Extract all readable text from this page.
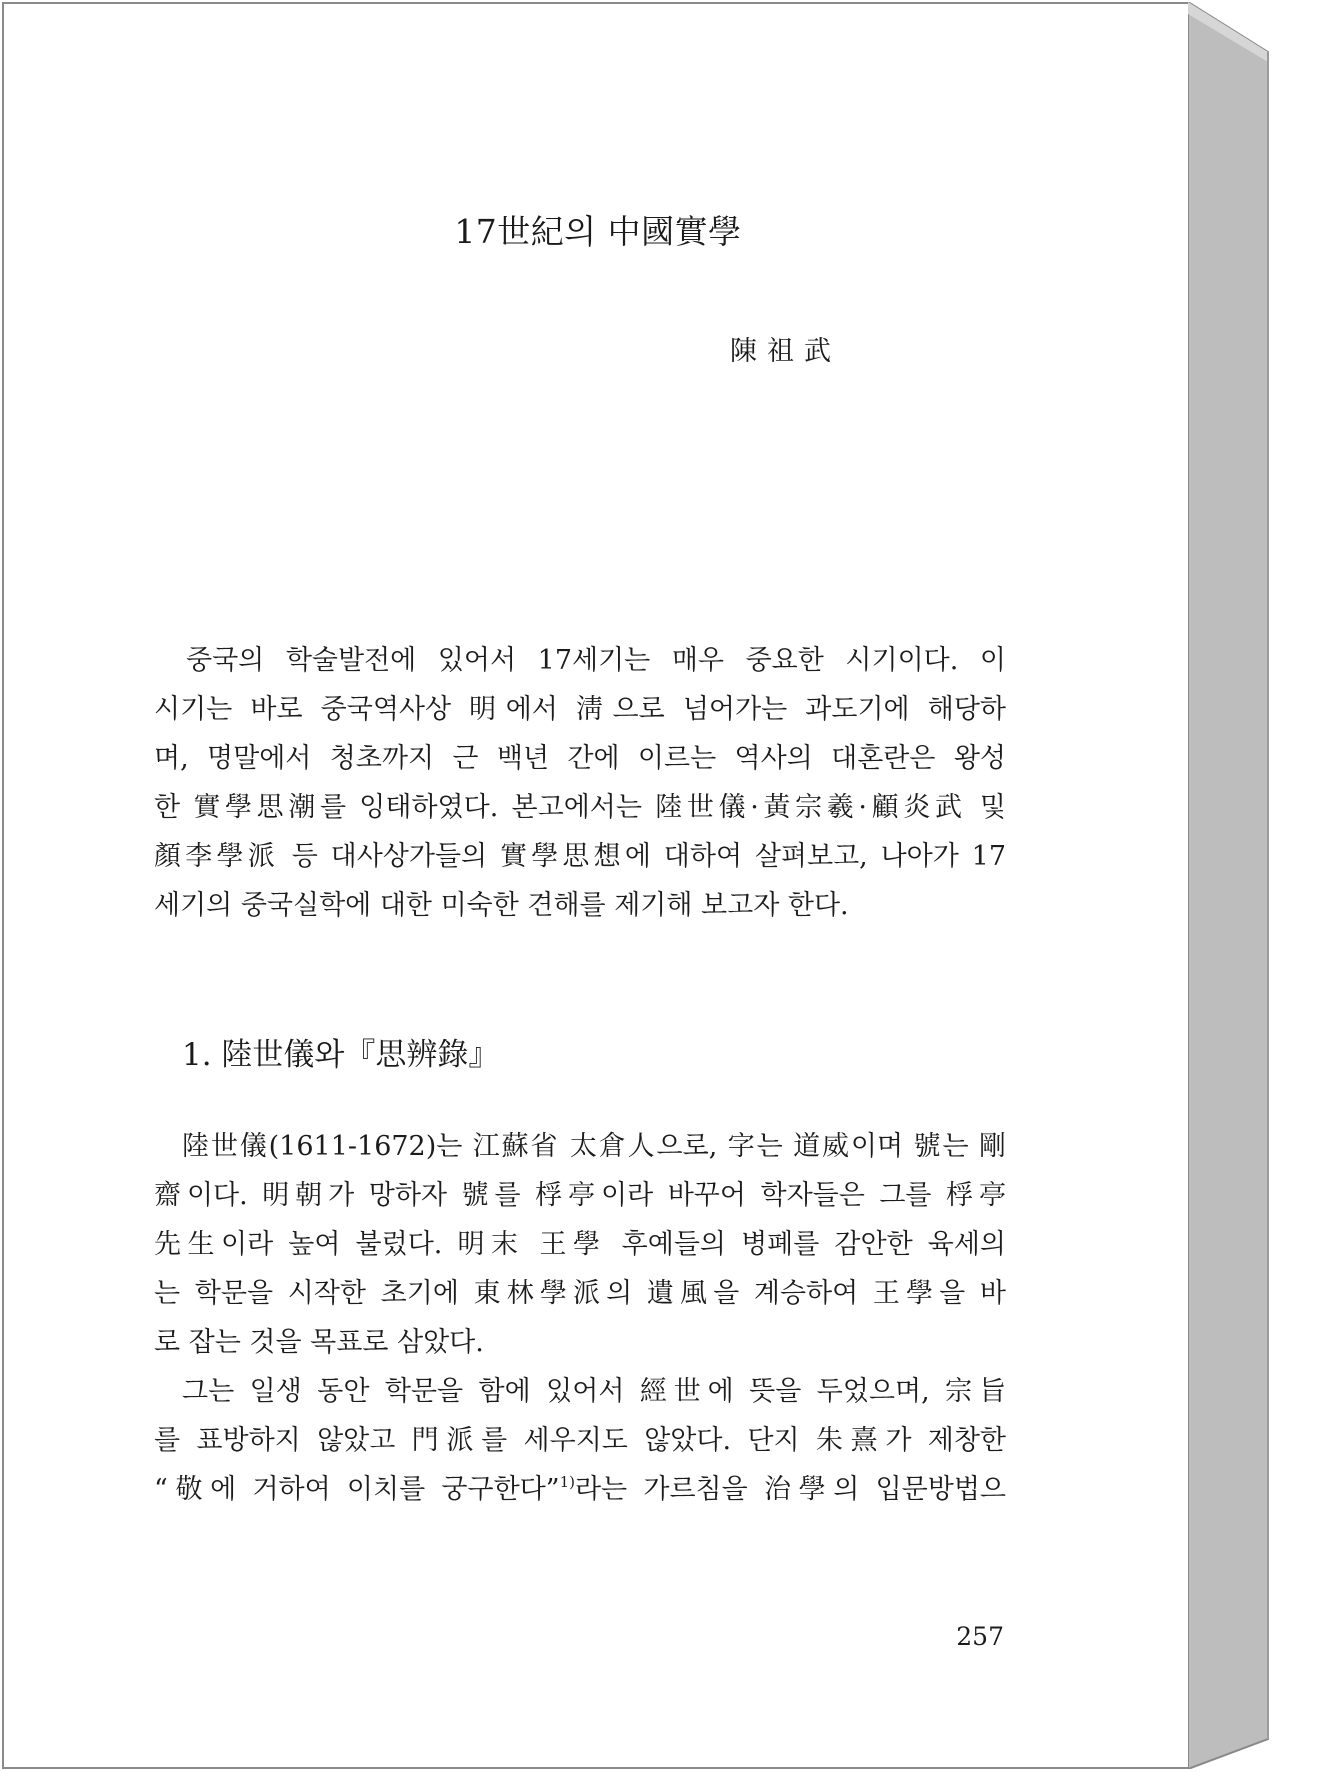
17世紀의 中國實學
陳祖武
중국의 학술발전에 있어서 17세기는 매우 중요한 시기이다. 이
시기는 바로 중국역사상 明에서 淸으로 넘어가는 과도기에 해당하
며, 명말에서 청초까지 근 백년 간에 이르는 역사의 대혼란은 왕성
한 實學思潮를 잉태하였다. 본고에서는 陸世儀·黃宗羲·顧炎武 및
顏李學派 등 대사상가들의 實學思想에 대하여 살펴보고, 나아가 17
세기의 중국실학에 대한 미숙한 견해를 제기해 보고자 한다.
1. 陸世儀와『思辨錄』
陸世儀(1611-1672)는 江蘇省 太倉人으로, 字는 道威이며 號는 剛
齋이다. 明朝가 망하자 號를 桴亭이라 바꾸어 학자들은 그를 桴亭
先生이라 높여 불렀다. 明末 王學 후예들의 병폐를 감안한 육세의
는 학문을 시작한 초기에 東林學派의 遺風을 계승하여 王學을 바
로 잡는 것을 목표로 삼았다.
그는 일생 동안 학문을 함에 있어서 經世에 뜻을 두었으며, 宗旨
를 표방하지 않았고 門派를 세우지도 않았다. 단지 朱熹가 제창한
“敬에 거하여 이치를 궁구한다”$^{1)}$라는 가르침을 治學의 입문방법으
257
